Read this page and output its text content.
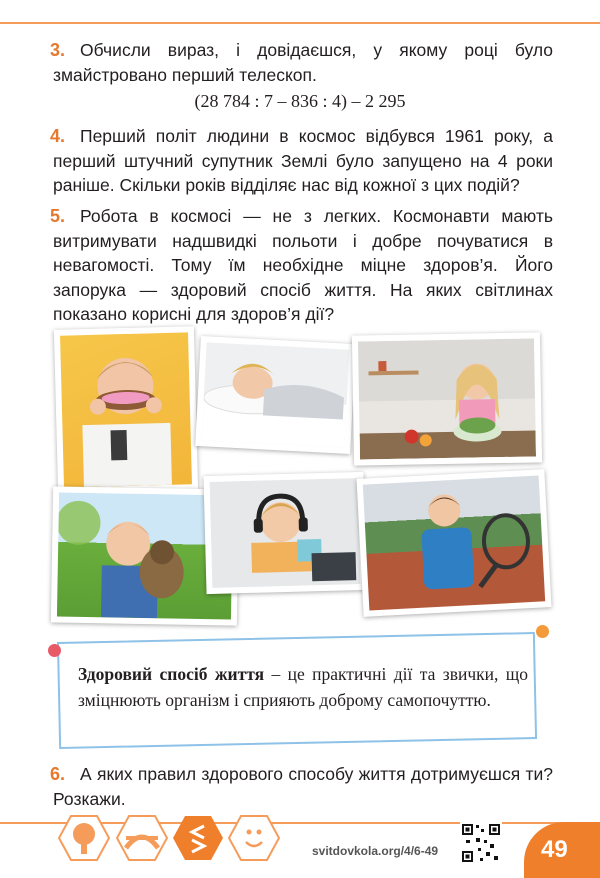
3. Обчисли вираз, і довідаєшся, у якому році було змайстровано перший телескоп.
(28 784 : 7 – 836 : 4) – 2 295
4. Перший політ людини в космос відбувся 1961 року, а перший штучний супутник Землі було запущено на 4 роки раніше. Скільки років відділяє нас від кожної з цих подій?
5. Робота в космосі — не з легких. Космонавти мають витримувати надшвидкі польоти і добре почуватися в невагомості. Тому їм необхідне міцне здоров’я. Його запорука — здоровий спосіб життя. На яких світлинах показано корисні для здоров’я дії?
Здоровий спосіб життя – це практичні дії та звички, що зміцнюють організм і сприяють доброму самопочуттю.
6. А яких правил здорового способу життя дотримуєшся ти? Розкажи.
svitdovkola.org/4/6-49	49
